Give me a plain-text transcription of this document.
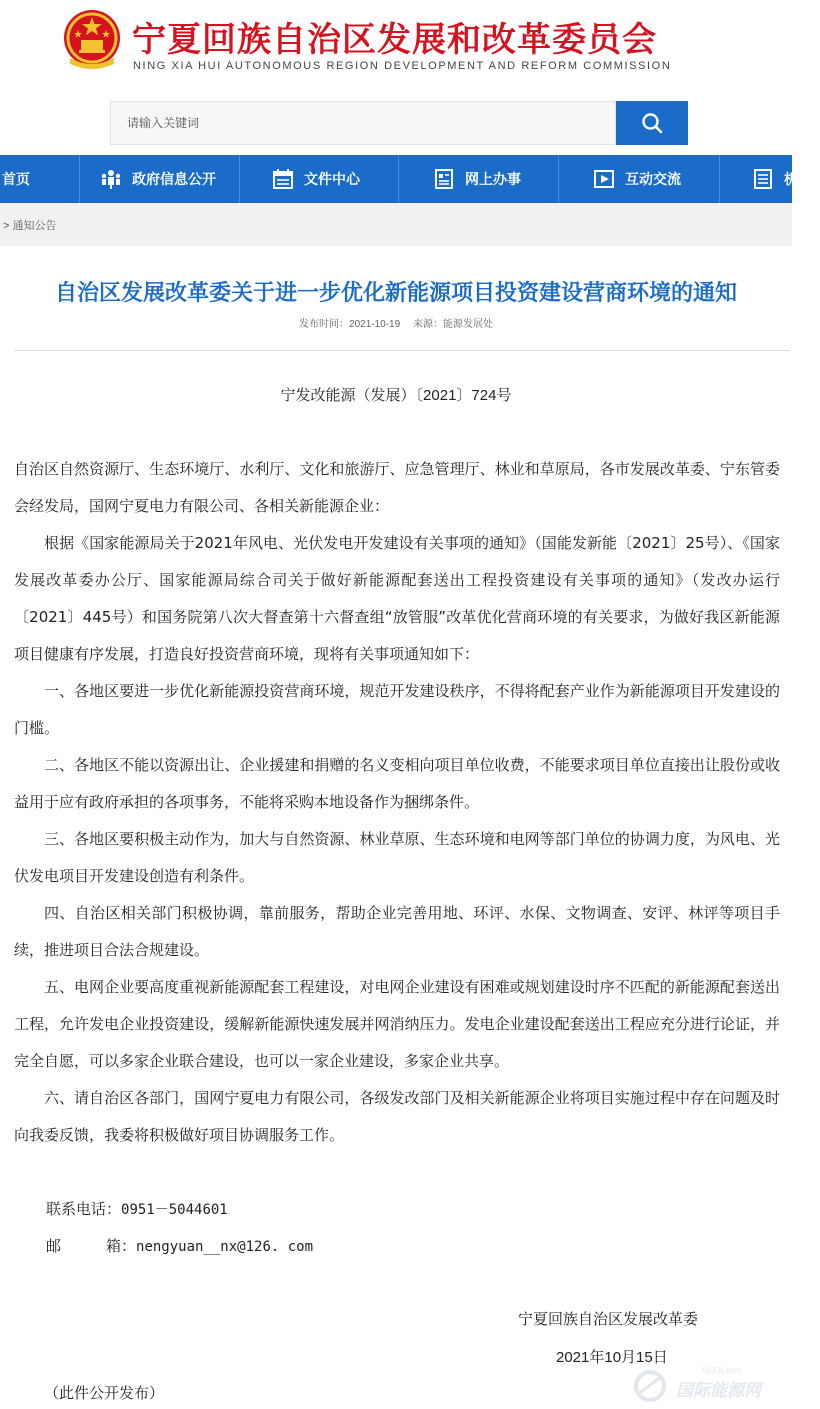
宁夏回族自治区发展和改革委员会
NING XIA HUI AUTONOMOUS REGION DEVELOPMENT AND REFORM COMMISSION
请输入关键词
首页	政府信息公开	文件中心	网上办事	互动交流	机
> 通知公告
自治区发展改革委关于进一步优化新能源项目投资建设营商环境的通知
发布时间：2021-10-19 来源：能源发展处
宁发改能源（发展）〔2021〕724号

自治区自然资源厅、生态环境厅、水利厅、文化和旅游厅、应急管理厅、林业和草原局，各市发展改革委、宁东管委会经发局，国网宁夏电力有限公司、各相关新能源企业：

根据《国家能源局关于2021年风电、光伏发电开发建设有关事项的通知》（国能发新能〔2021〕25号）、《国家发展改革委办公厅、国家能源局综合司关于做好新能源配套送出工程投资建设有关事项的通知》（发改办运行〔2021〕445号）和国务院第八次大督查第十六督查组“放管服”改革优化营商环境的有关要求，为做好我区新能源项目健康有序发展，打造良好投资营商环境，现将有关事项通知如下：

一、各地区要进一步优化新能源投资营商环境，规范开发建设秩序，不得将配套产业作为新能源项目开发建设的门槛。

二、各地区不能以资源出让、企业援建和捐赠的名义变相向项目单位收费，不能要求项目单位直接出让股份或收益用于应有政府承担的各项事务，不能将采购本地设备作为捆绑条件。

三、各地区要积极主动作为，加大与自然资源、林业草原、生态环境和电网等部门单位的协调力度，为风电、光伏发电项目开发建设创造有利条件。

四、自治区相关部门积极协调，靠前服务，帮助企业完善用地、环评、水保、文物调查、安评、林评等项目手续，推进项目合法合规建设。

五、电网企业要高度重视新能源配套工程建设，对电网企业建设有困难或规划建设时序不匹配的新能源配套送出工程，允许发电企业投资建设，缓解新能源快速发展并网消纳压力。发电企业建设配套送出工程应充分进行论证，并完全自愿，可以多家企业联合建设，也可以一家企业建设，多家企业共享。

六、请自治区各部门，国网宁夏电力有限公司，各级发改部门及相关新能源企业将项目实施过程中存在问题及时向我委反馈，我委将积极做好项目协调服务工作。

联系电话：0951－5044601
邮　　　箱：nengyuan__nx@126. com
宁夏回族自治区发展改革委
2021年10月15日
（此件公开发布）
IN-EN.com
国际能源网
